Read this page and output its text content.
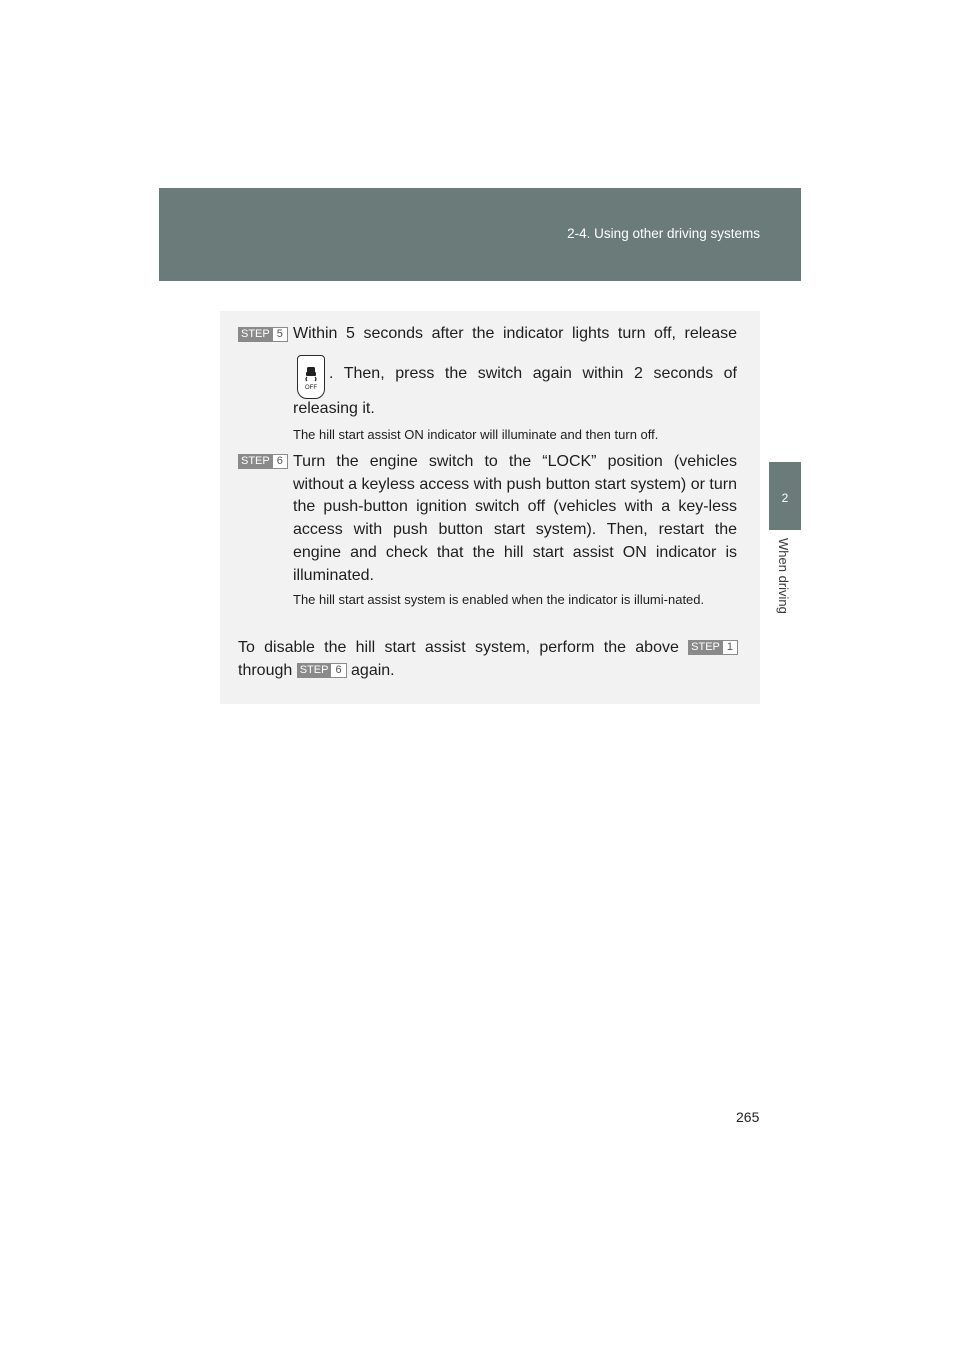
2-4. Using other driving systems
2
When driving
STEP 5 Within 5 seconds after the indicator lights turn off, release
OFF
. Then, press the switch again within 2 seconds of
releasing it.
The hill start assist ON indicator will illuminate and then turn off.
STEP 6 Turn the engine switch to the “LOCK” position (vehicles without a keyless access with push button start system) or turn the push-button ignition switch off (vehicles with a key-less access with push button start system). Then, restart the engine and check that the hill start assist ON indicator is illuminated.
The hill start assist system is enabled when the indicator is illumi-nated.
To disable the hill start assist system, perform the above STEP 1
through STEP 6 again.
265
